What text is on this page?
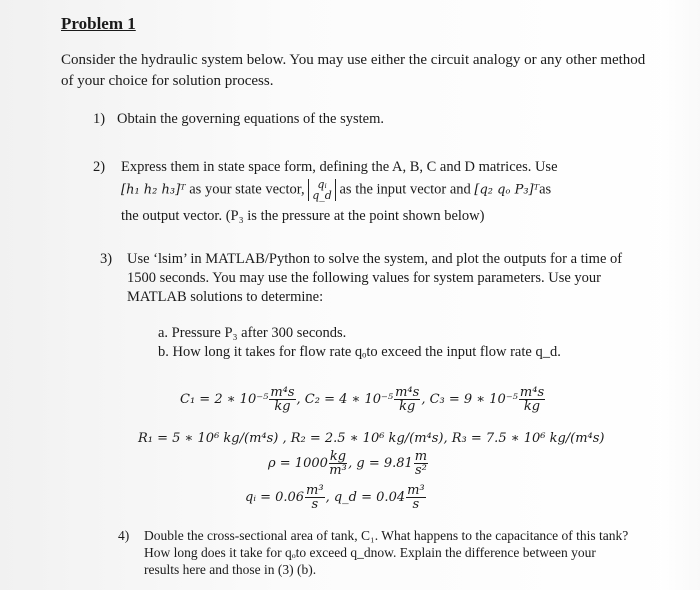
Problem 1
Consider the hydraulic system below. You may use either the circuit analogy or any other method of your choice for solution process.
1) Obtain the governing equations of the system.
2) Express them in state space form, defining the A, B, C and D matrices. Use
[h₁ h₂ h₃]ᵀ as your state vector,	qᵢ
q_d as the input vector and [q₂ qₒ P₃]ᵀas
the output vector. (P₃ is the pressure at the point shown below)
3) Use ‘lsim’ in MATLAB/Python to solve the system, and plot the outputs for a time of 1500 seconds. You may use the following values for system parameters. Use your MATLAB solutions to determine:
a. Pressure P₃ after 300 seconds.
b. How long it takes for flow rate qₒto exceed the input flow rate q_d.
C₁ = 2 ∗ $10^{-5} \frac{\text{m⁴s}}{kg}$ , C₂ = 4 ∗ $10^{-5} \frac{\text{m⁴s}}{kg}$ , C₃ = 9 ∗ $10^{-5} \frac{\text{m⁴s}}{kg}$
R₁ = 5 ∗ 10⁶ kg/(m⁴s) , R₂ = 2.5 ∗ 10⁶ kg/(m⁴s), R₃ = 7.5 ∗ 10⁶ kg/(m⁴s)
$\rho = 1000 \frac{kg}{\text{m³}}$ , $g = 9.81 \frac{m}{\text{s²}}$
qᵢ = $0.06 \frac{\text{m³}}{s}$ , q_d = $0.04 \frac{\text{m³}}{s}$
4) Double the cross-sectional area of tank, C₁. What happens to the capacitance of this tank? How long does it take for qₒto exceed q_dnow. Explain the difference between your results here and those in (3) (b).
